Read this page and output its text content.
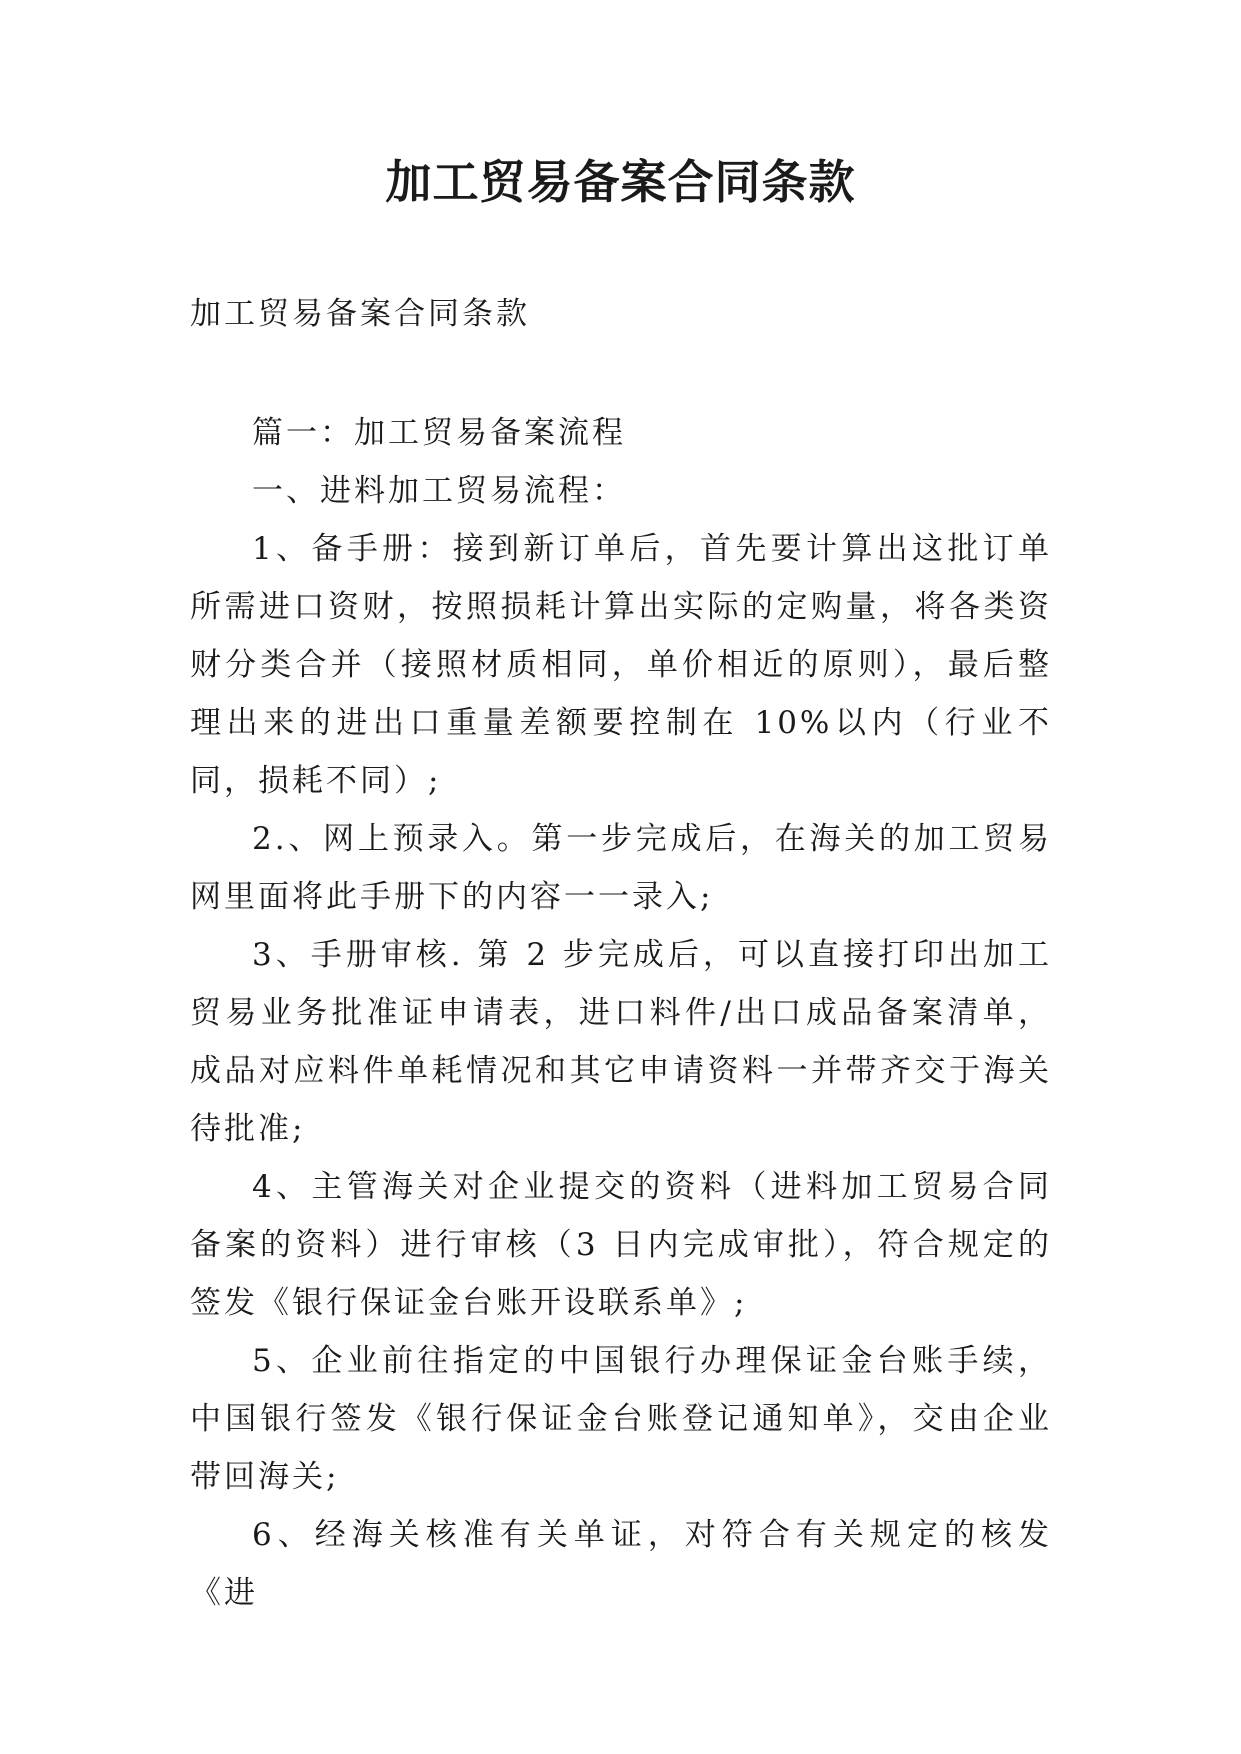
加工贸易备案合同条款

加工贸易备案合同条款

篇一：加工贸易备案流程

一、进料加工贸易流程：

1、备手册：接到新订单后，首先要计算出这批订单所需进口资财，按照损耗计算出实际的定购量，将各类资财分类合并（接照材质相同，单价相近的原则），最后整理出来的进出口重量差额要控制在 10%以内（行业不同，损耗不同）;

2.、网上预录入。第一步完成后，在海关的加工贸易网里面将此手册下的内容一一录入;

3、手册审核. 第 2 步完成后，可以直接打印出加工贸易业务批准证申请表，进口料件/出口成品备案清单，成品对应料件单耗情况和其它申请资料一并带齐交于海关待批准;

4、主管海关对企业提交的资料（进料加工贸易合同备案的资料）进行审核（3 日内完成审批），符合规定的签发《银行保证金台账开设联系单》;

5、企业前往指定的中国银行办理保证金台账手续，中国银行签发《银行保证金台账登记通知单》，交由企业带回海关;

6、经海关核准有关单证，对符合有关规定的核发《进
